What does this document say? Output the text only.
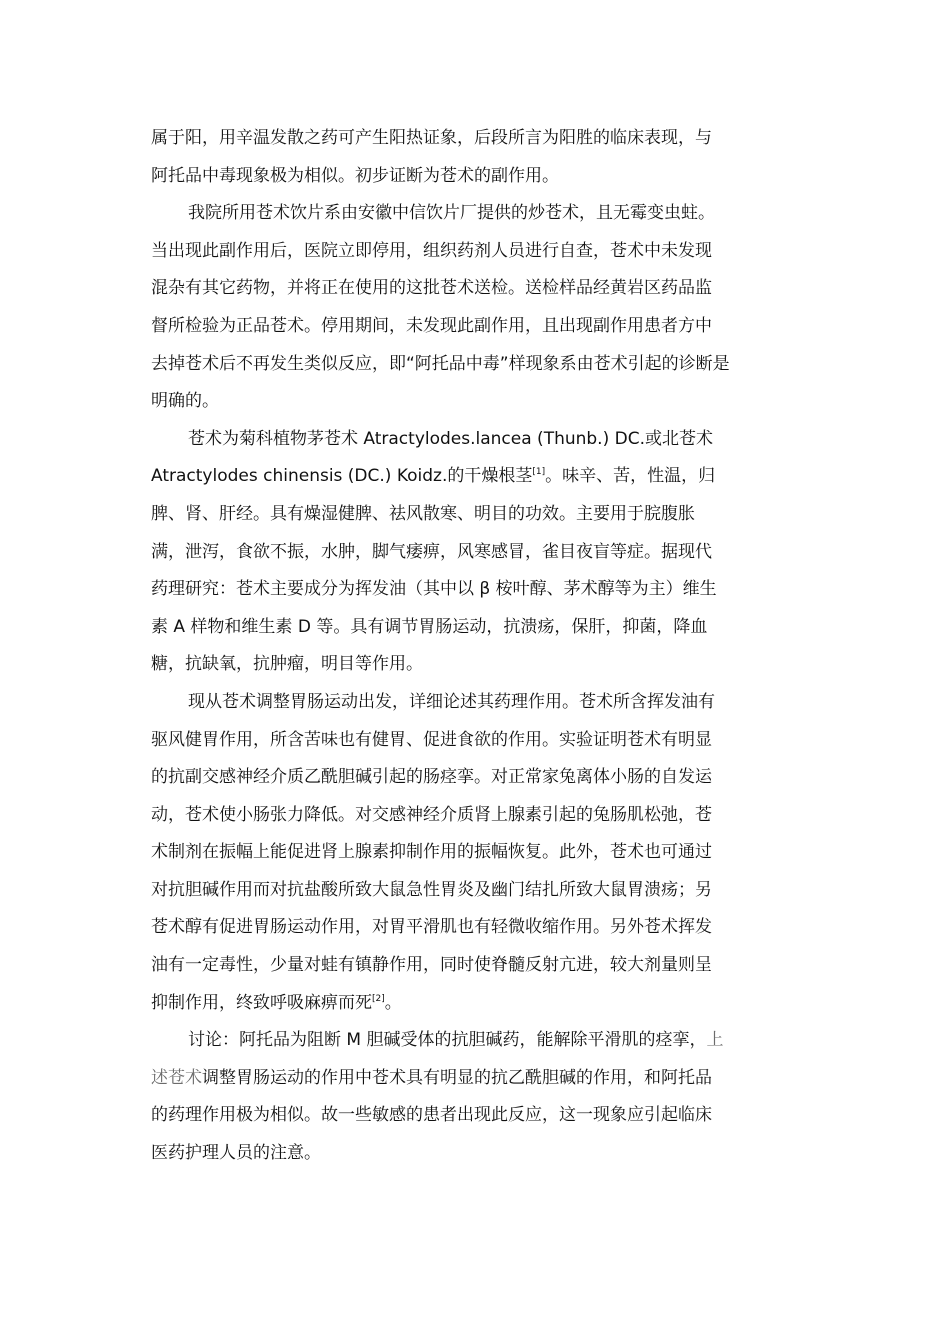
属于阳，用辛温发散之药可产生阳热证象，后段所言为阳胜的临床表现，与
阿托品中毒现象极为相似。初步证断为苍术的副作用。

我院所用苍术饮片系由安徽中信饮片厂提供的炒苍术，且无霉变虫蛀。
当出现此副作用后，医院立即停用，组织药剂人员进行自查，苍术中未发现
混杂有其它药物，并将正在使用的这批苍术送检。送检样品经黄岩区药品监
督所检验为正品苍术。停用期间，未发现此副作用，且出现副作用患者方中
去掉苍术后不再发生类似反应，即“阿托品中毒”样现象系由苍术引起的诊断是
明确的。

苍术为菊科植物茅苍术 Atractylodes.lancea (Thunb.) DC.或北苍术
Atractylodes chinensis (DC.) Koidz.的干燥根茎[1]。味辛、苦，性温，归
脾、肾、肝经。具有燥湿健脾、祛风散寒、明目的功效。主要用于脘腹胀
满，泄泻，食欲不振，水肿，脚气痿痹，风寒感冒，雀目夜盲等症。据现代
药理研究：苍术主要成分为挥发油（其中以 β 桉叶醇、茅术醇等为主）维生
素 A 样物和维生素 D 等。具有调节胃肠运动，抗溃疡，保肝，抑菌，降血
糖，抗缺氧，抗肿瘤，明目等作用。

现从苍术调整胃肠运动出发，详细论述其药理作用。苍术所含挥发油有
驱风健胃作用，所含苦味也有健胃、促进食欲的作用。实验证明苍术有明显
的抗副交感神经介质乙酰胆碱引起的肠痉挛。对正常家兔离体小肠的自发运
动，苍术使小肠张力降低。对交感神经介质肾上腺素引起的兔肠肌松弛，苍
术制剂在振幅上能促进肾上腺素抑制作用的振幅恢复。此外，苍术也可通过
对抗胆碱作用而对抗盐酸所致大鼠急性胃炎及幽门结扎所致大鼠胃溃疡；另
苍术醇有促进胃肠运动作用，对胃平滑肌也有轻微收缩作用。另外苍术挥发
油有一定毒性，少量对蛙有镇静作用，同时使脊髓反射亢进，较大剂量则呈
抑制作用，终致呼吸麻痹而死[2]。

讨论：阿托品为阻断 M 胆碱受体的抗胆碱药，能解除平滑肌的痉挛，上
述苍术调整胃肠运动的作用中苍术具有明显的抗乙酰胆碱的作用，和阿托品
的药理作用极为相似。故一些敏感的患者出现此反应，这一现象应引起临床
医药护理人员的注意。
